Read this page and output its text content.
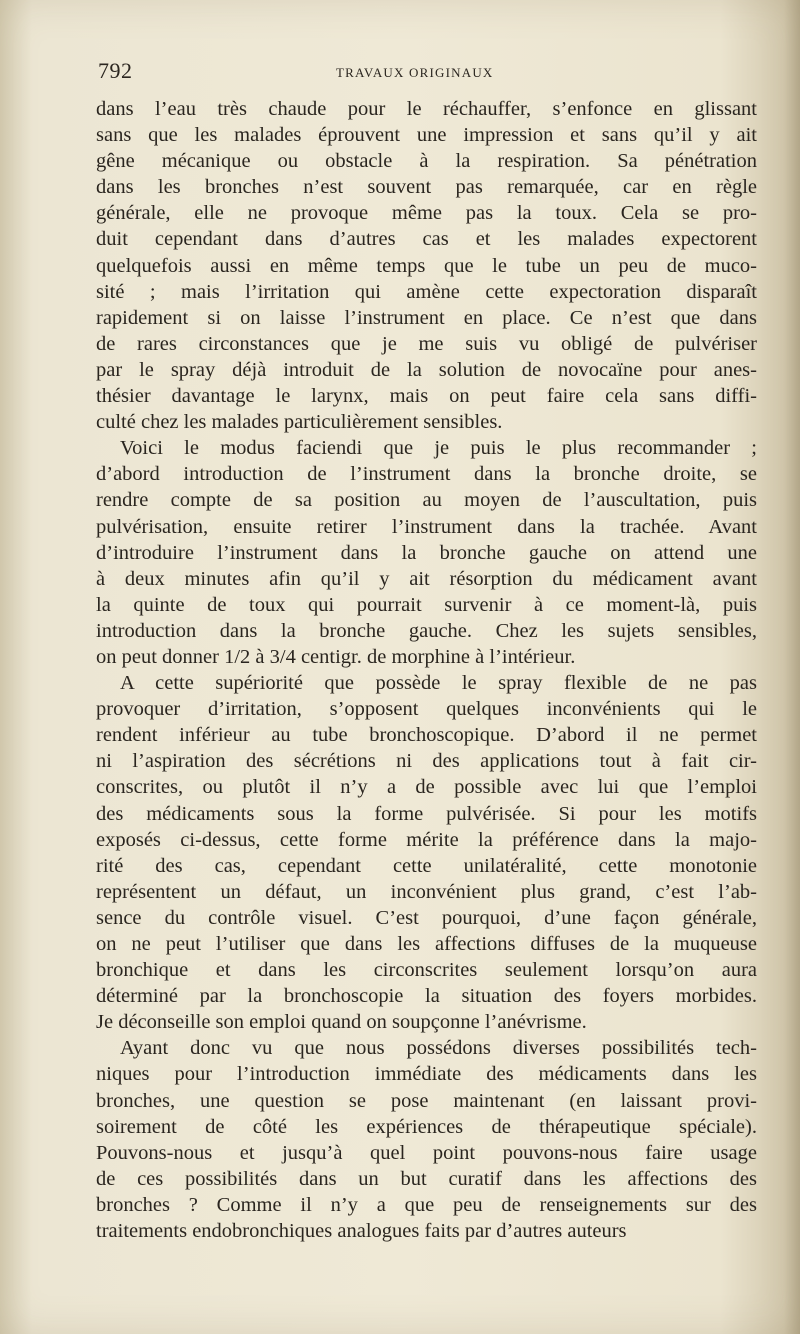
792	TRAVAUX ORIGINAUX
dans l’eau très chaude pour le réchauffer, s’enfonce en glissant
sans que les malades éprouvent une impression et sans qu’il y ait
gêne mécanique ou obstacle à la respiration. Sa pénétration
dans les bronches n’est souvent pas remarquée, car en règle
générale, elle ne provoque même pas la toux. Cela se pro-
duit cependant dans d’autres cas et les malades expectorent
quelquefois aussi en même temps que le tube un peu de muco-
sité ; mais l’irritation qui amène cette expectoration disparaît
rapidement si on laisse l’instrument en place. Ce n’est que dans
de rares circonstances que je me suis vu obligé de pulvériser
par le spray déjà introduit de la solution de novocaïne pour anes-
thésier davantage le larynx, mais on peut faire cela sans diffi-
culté chez les malades particulièrement sensibles.
Voici le modus faciendi que je puis le plus recommander ;
d’abord introduction de l’instrument dans la bronche droite, se
rendre compte de sa position au moyen de l’auscultation, puis
pulvérisation, ensuite retirer l’instrument dans la trachée. Avant
d’introduire l’instrument dans la bronche gauche on attend une
à deux minutes afin qu’il y ait résorption du médicament avant
la quinte de toux qui pourrait survenir à ce moment-là, puis
introduction dans la bronche gauche. Chez les sujets sensibles,
on peut donner 1/2 à 3/4 centigr. de morphine à l’intérieur.
A cette supériorité que possède le spray flexible de ne pas
provoquer d’irritation, s’opposent quelques inconvénients qui le
rendent inférieur au tube bronchoscopique. D’abord il ne permet
ni l’aspiration des sécrétions ni des applications tout à fait cir-
conscrites, ou plutôt il n’y a de possible avec lui que l’emploi
des médicaments sous la forme pulvérisée. Si pour les motifs
exposés ci-dessus, cette forme mérite la préférence dans la majo-
rité des cas, cependant cette unilatéralité, cette monotonie
représentent un défaut, un inconvénient plus grand, c’est l’ab-
sence du contrôle visuel. C’est pourquoi, d’une façon générale,
on ne peut l’utiliser que dans les affections diffuses de la muqueuse
bronchique et dans les circonscrites seulement lorsqu’on aura
déterminé par la bronchoscopie la situation des foyers morbides.
Je déconseille son emploi quand on soupçonne l’anévrisme.
Ayant donc vu que nous possédons diverses possibilités tech-
niques pour l’introduction immédiate des médicaments dans les
bronches, une question se pose maintenant (en laissant provi-
soirement de côté les expériences de thérapeutique spéciale).
Pouvons-nous et jusqu’à quel point pouvons-nous faire usage
de ces possibilités dans un but curatif dans les affections des
bronches ? Comme il n’y a que peu de renseignements sur des
traitements endobronchiques analogues faits par d’autres auteurs
